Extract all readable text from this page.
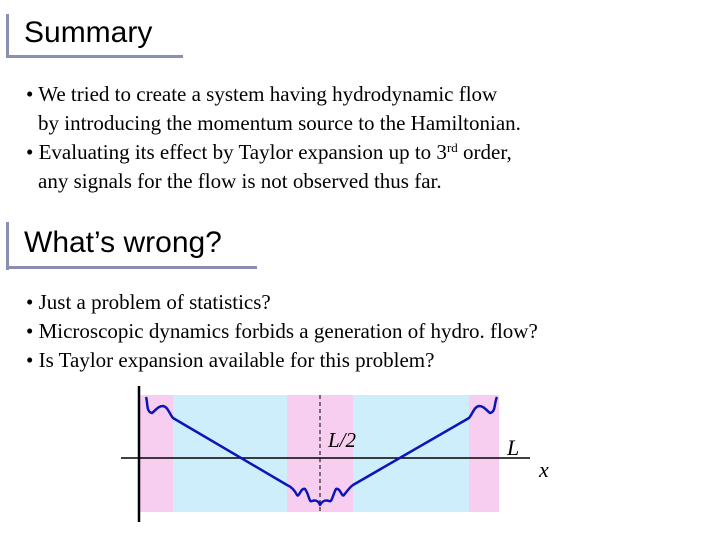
Summary
• We tried to create a system having hydrodynamic flow
by introducing the momentum source to the Hamiltonian.
• Evaluating its effect by Taylor expansion up to 3rd order,
any signals for the flow is not observed thus far.
What’s wrong?
• Just a problem of statistics?
• Microscopic dynamics forbids a generation of hydro. flow?
• Is Taylor expansion available for this problem?
L/2	L
x
